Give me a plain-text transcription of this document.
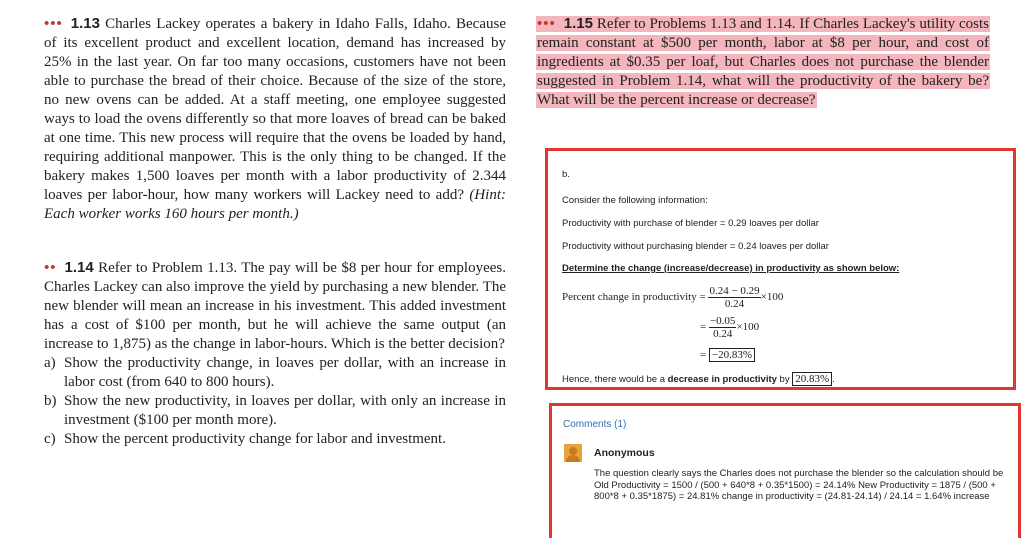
••• 1.13 Charles Lackey operates a bakery in Idaho Falls, Idaho. Because of its excellent product and excellent location, demand has increased by 25% in the last year. On far too many occasions, customers have not been able to purchase the bread of their choice. Because of the size of the store, no new ovens can be added. At a staff meeting, one employee suggested ways to load the ovens differently so that more loaves of bread can be baked at one time. This new process will require that the ovens be loaded by hand, requiring additional manpower. This is the only thing to be changed. If the bakery makes 1,500 loaves per month with a labor productivity of 2.344 loaves per labor-hour, how many workers will Lackey need to add? (Hint: Each worker works 160 hours per month.)
•• 1.14 Refer to Problem 1.13. The pay will be $8 per hour for employees. Charles Lackey can also improve the yield by purchasing a new blender. The new blender will mean an increase in his investment. This added investment has a cost of $100 per month, but he will achieve the same output (an increase to 1,875) as the change in labor-hours. Which is the better decision?
a) Show the productivity change, in loaves per dollar, with an increase in labor cost (from 640 to 800 hours).
b) Show the new productivity, in loaves per dollar, with only an increase in investment ($100 per month more).
c) Show the percent productivity change for labor and investment.
••• 1.15 Refer to Problems 1.13 and 1.14. If Charles Lackey's utility costs remain constant at $500 per month, labor at $8 per hour, and cost of ingredients at $0.35 per loaf, but Charles does not purchase the blender suggested in Problem 1.14, what will the productivity of the bakery be? What will be the percent increase or decrease?

b.

Consider the following information:
Productivity with purchase of blender = 0.29 loaves per dollar
Productivity without purchasing blender = 0.24 loaves per dollar
Determine the change (increase/decrease) in productivity as shown below:
Percent change in productivity = $\frac{0.24 - 0.29}{0.24} \times 100$
= $\frac{-0.05}{0.24} \times 100$
= −20.83%
Hence, there would be a decrease in productivity by 20.83% .
Comments (1)
Anonymous
The question clearly says the Charles does not purchase the blender so the calculation should be Old Productivity = 1500 / (500 + 640*8 + 0.35*1500) = 24.14% New Productivity = 1875 / (500 + 800*8 + 0.35*1875) = 24.81% change in productivity = (24.81-24.14) / 24.14 = 1.64% increase
